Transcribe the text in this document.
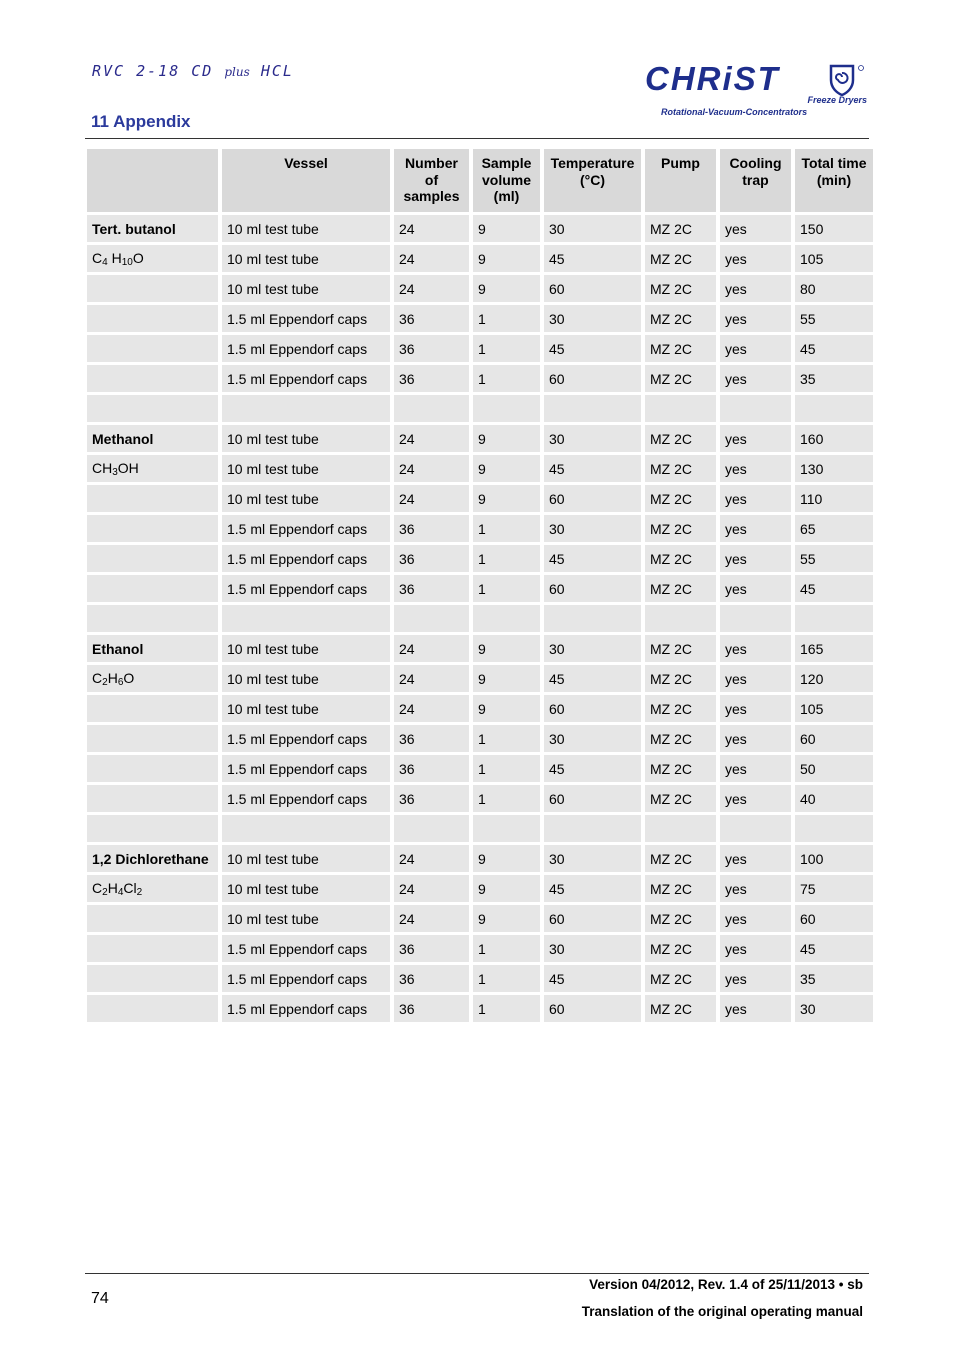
RVC 2-18 CD plus HCL
11 Appendix
CHRiST
Freeze Dryers
Rotational-Vacuum-Concentrators
	Vessel	Number of samples	Sample volume (ml)	Temperature (°C)	Pump	Cooling trap	Total time (min)
Tert. butanol	10 ml test tube	24	9	30	MZ 2C	yes	150
$C_4$ $H_{10}O$	10 ml test tube	24	9	45	MZ 2C	yes	105
	10 ml test tube	24	9	60	MZ 2C	yes	80
	1.5 ml Eppendorf caps	36	1	30	MZ 2C	yes	55
	1.5 ml Eppendorf caps	36	1	45	MZ 2C	yes	45
	1.5 ml Eppendorf caps	36	1	60	MZ 2C	yes	35

Methanol	10 ml test tube	24	9	30	MZ 2C	yes	160
$CH_3OH$	10 ml test tube	24	9	45	MZ 2C	yes	130
	10 ml test tube	24	9	60	MZ 2C	yes	110
	1.5 ml Eppendorf caps	36	1	30	MZ 2C	yes	65
	1.5 ml Eppendorf caps	36	1	45	MZ 2C	yes	55
	1.5 ml Eppendorf caps	36	1	60	MZ 2C	yes	45

Ethanol	10 ml test tube	24	9	30	MZ 2C	yes	165
$C_2H_6O$	10 ml test tube	24	9	45	MZ 2C	yes	120
	10 ml test tube	24	9	60	MZ 2C	yes	105
	1.5 ml Eppendorf caps	36	1	30	MZ 2C	yes	60
	1.5 ml Eppendorf caps	36	1	45	MZ 2C	yes	50
	1.5 ml Eppendorf caps	36	1	60	MZ 2C	yes	40

1,2 Dichlorethane	10 ml test tube	24	9	30	MZ 2C	yes	100
$C_2H_4Cl_2$	10 ml test tube	24	9	45	MZ 2C	yes	75
	10 ml test tube	24	9	60	MZ 2C	yes	60
	1.5 ml Eppendorf caps	36	1	30	MZ 2C	yes	45
	1.5 ml Eppendorf caps	36	1	45	MZ 2C	yes	35
	1.5 ml Eppendorf caps	36	1	60	MZ 2C	yes	30
74
Version 04/2012, Rev. 1.4 of 25/11/2013 • sb
Translation of the original operating manual
